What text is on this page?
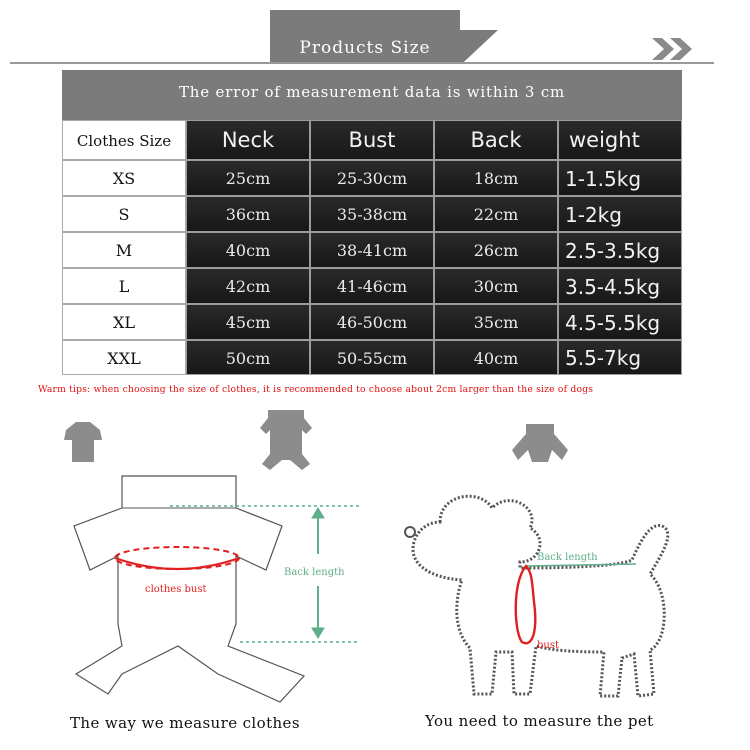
Products Size
The error of measurement data is within 3 cm
Clothes Size	Neck	Bust	Back	weight
XS	25cm	25-30cm	18cm	1-1.5kg
S	36cm	35-38cm	22cm	1-2kg
M	40cm	38-41cm	26cm	2.5-3.5kg
L	42cm	41-46cm	30cm	3.5-4.5kg
XL	45cm	46-50cm	35cm	4.5-5.5kg
XXL	50cm	50-55cm	40cm	5.5-7kg
Warm tips: when choosing the size of clothes, it is recommended to choose about 2cm larger than the size of dogs
clothes bust
Back length
The way we measure clothes
Back length
bust
You need to measure the pet
